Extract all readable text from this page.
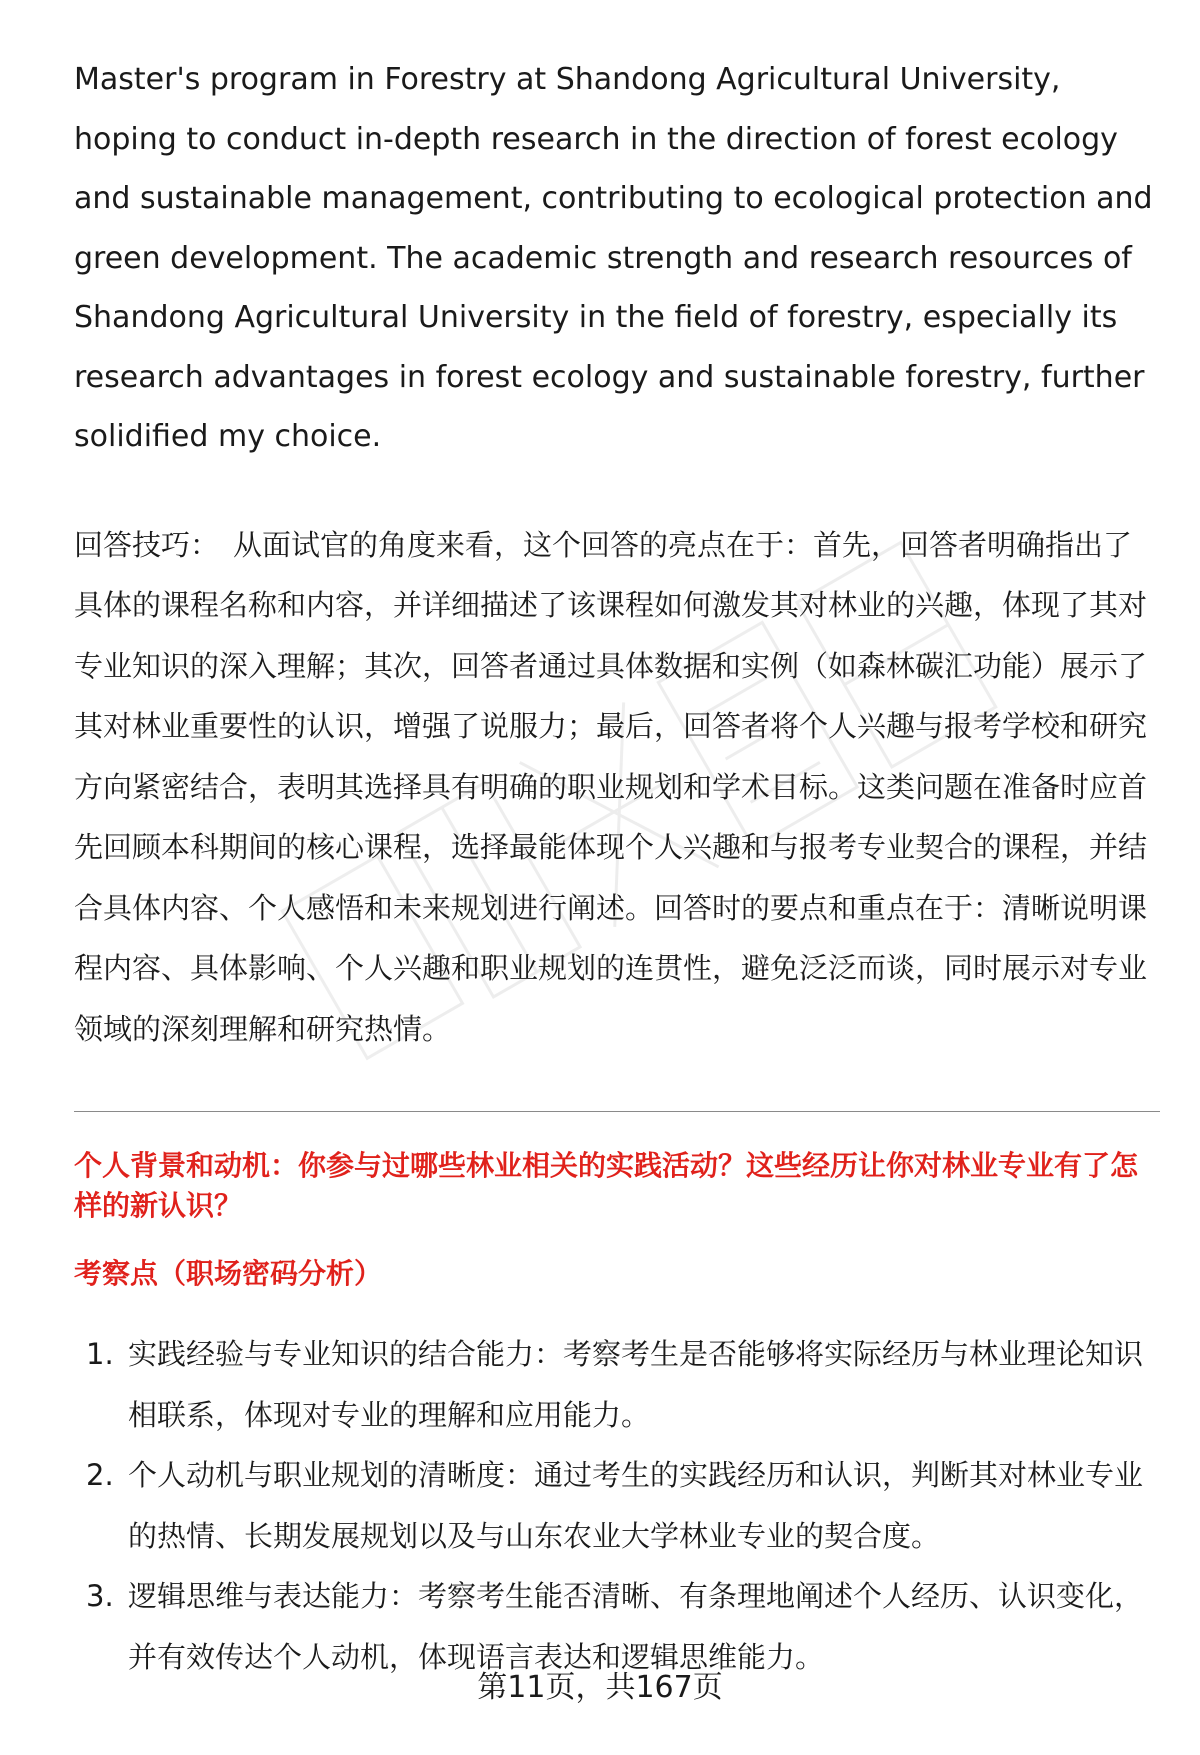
Master's program in Forestry at Shandong Agricultural University, hoping to conduct in-depth research in the direction of forest ecology and sustainable management, contributing to ecological protection and green development. The academic strength and research resources of Shandong Agricultural University in the field of forestry, especially its research advantages in forest ecology and sustainable forestry, further solidified my choice.

回答技巧： 从面试官的角度来看，这个回答的亮点在于：首先，回答者明确指出了具体的课程名称和内容，并详细描述了该课程如何激发其对林业的兴趣，体现了其对专业知识的深入理解；其次，回答者通过具体数据和实例（如森林碳汇功能）展示了其对林业重要性的认识，增强了说服力；最后，回答者将个人兴趣与报考学校和研究方向紧密结合，表明其选择具有明确的职业规划和学术目标。这类问题在准备时应首先回顾本科期间的核心课程，选择最能体现个人兴趣和与报考专业契合的课程，并结合具体内容、个人感悟和未来规划进行阐述。回答时的要点和重点在于：清晰说明课程内容、具体影响、个人兴趣和职业规划的连贯性，避免泛泛而谈，同时展示对专业领域的深刻理解和研究热情。

个人背景和动机：你参与过哪些林业相关的实践活动？这些经历让你对林业专业有了怎样的新认识？
考察点（职场密码分析）
1. 实践经验与专业知识的结合能力：考察考生是否能够将实际经历与林业理论知识相联系，体现对专业的理解和应用能力。
2. 个人动机与职业规划的清晰度：通过考生的实践经历和认识，判断其对林业专业的热情、长期发展规划以及与山东农业大学林业专业的契合度。
3. 逻辑思维与表达能力：考察考生能否清晰、有条理地阐述个人经历、认识变化，并有效传达个人动机，体现语言表达和逻辑思维能力。
第11页，共167页
